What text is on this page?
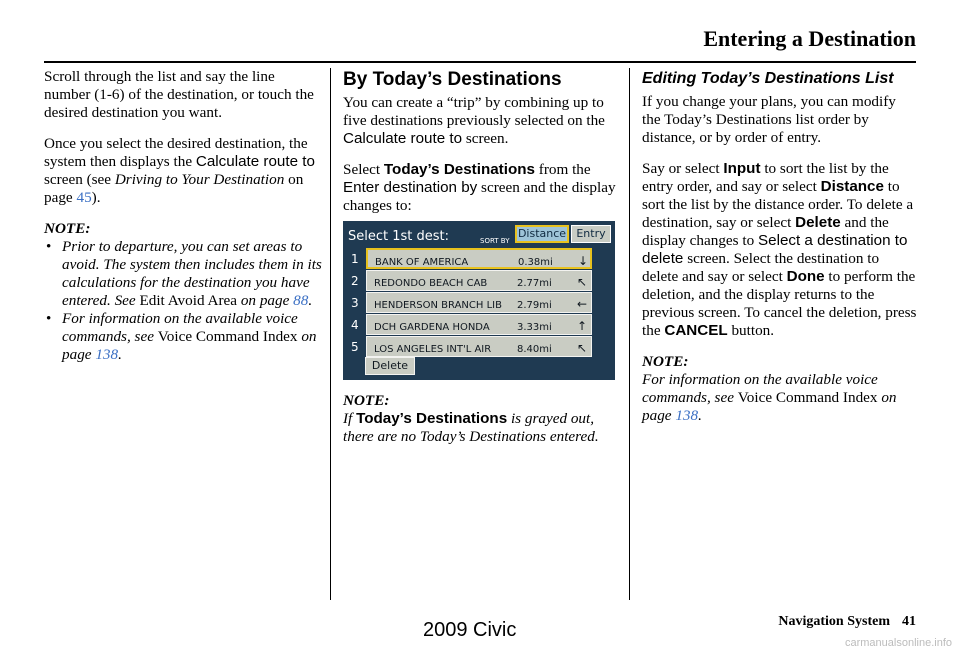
Entering a Destination
Scroll through the list and say the line number (1-6) of the destination, or touch the desired destination you want.
Once you select the desired destination, the system then displays the Calculate route to screen (see Driving to Your Destination on page 45).
NOTE:
• Prior to departure, you can set areas to avoid. The system then includes them in its calculations for the destination you have entered. See Edit Avoid Area on page 88.
• For information on the available voice commands, see Voice Command Index on page 138.
By Today’s Destinations
You can create a “trip” by combining up to five destinations previously selected on the Calculate route to screen.
Select Today’s Destinations from the Enter destination by screen and the display changes to:
Select 1st dest:	SORT BY
Distance Entry
1 BANK OF AMERICA	0.38mi ↓
2 REDONDO BEACH CAB	2.77mi ↖
3 HENDERSON BRANCH LIB 2.79mi ←
4 DCH GARDENA HONDA	3.33mi ↑
5 LOS ANGELES INT'L AIR	8.40mi ↖
Delete
NOTE:
If Today’s Destinations is grayed out, there are no Today’s Destinations entered.
Editing Today’s Destinations List
If you change your plans, you can modify the Today’s Destinations list order by distance, or by order of entry.
Say or select Input to sort the list by the entry order, and say or select Distance to sort the list by the distance order. To delete a destination, say or select Delete and the display changes to Select a destination to delete screen. Select the destination to delete and say or select Done to perform the deletion, and the display returns to the previous screen. To cancel the deletion, press the CANCEL button.
NOTE:
For information on the available voice commands, see Voice Command Index on page 138.
Navigation System 41
2009 Civic
carmanualsonline.info
